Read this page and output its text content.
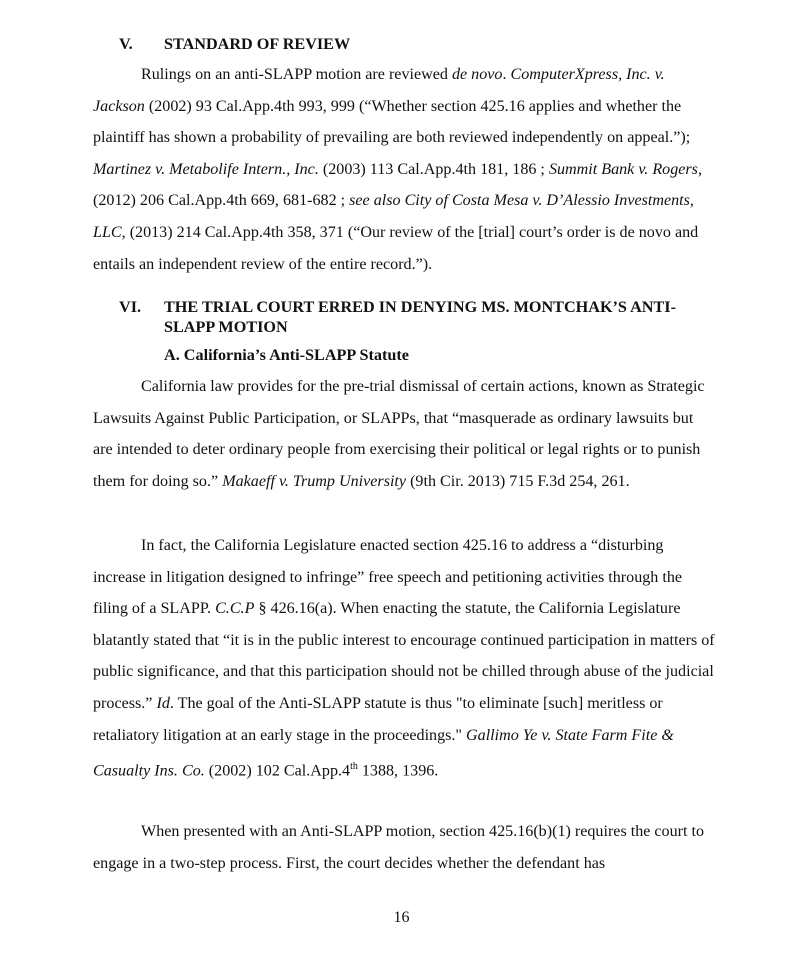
V. STANDARD OF REVIEW

Rulings on an anti-SLAPP motion are reviewed de novo. ComputerXpress, Inc. v. Jackson (2002) 93 Cal.App.4th 993, 999 (“Whether section 425.16 applies and whether the plaintiff has shown a probability of prevailing are both reviewed independently on appeal.”); Martinez v. Metabolife Intern., Inc. (2003) 113 Cal.App.4th 181, 186 ; Summit Bank v. Rogers, (2012) 206 Cal.App.4th 669, 681-682 ; see also City of Costa Mesa v. D’Alessio Investments, LLC, (2013) 214 Cal.App.4th 358, 371 (“Our review of the [trial] court’s order is de novo and entails an independent review of the entire record.”).

VI. THE TRIAL COURT ERRED IN DENYING MS. MONTCHAK’S ANTI-SLAPP MOTION
A. California’s Anti-SLAPP Statute

California law provides for the pre-trial dismissal of certain actions, known as Strategic Lawsuits Against Public Participation, or SLAPPs, that “masquerade as ordinary lawsuits but are intended to deter ordinary people from exercising their political or legal rights or to punish them for doing so.” Makaeff v. Trump University (9th Cir. 2013) 715 F.3d 254, 261.

In fact, the California Legislature enacted section 425.16 to address a “disturbing increase in litigation designed to infringe” free speech and petitioning activities through the filing of a SLAPP. C.C.P § 426.16(a). When enacting the statute, the California Legislature blatantly stated that “it is in the public interest to encourage continued participation in matters of public significance, and that this participation should not be chilled through abuse of the judicial process.” Id. The goal of the Anti-SLAPP statute is thus "to eliminate [such] meritless or retaliatory litigation at an early stage in the proceedings." Gallimo Ye v. State Farm Fite & Casualty Ins. Co. (2002) 102 Cal.App.4th 1388, 1396.

When presented with an Anti-SLAPP motion, section 425.16(b)(1) requires the court to engage in a two-step process. First, the court decides whether the defendant has

16
